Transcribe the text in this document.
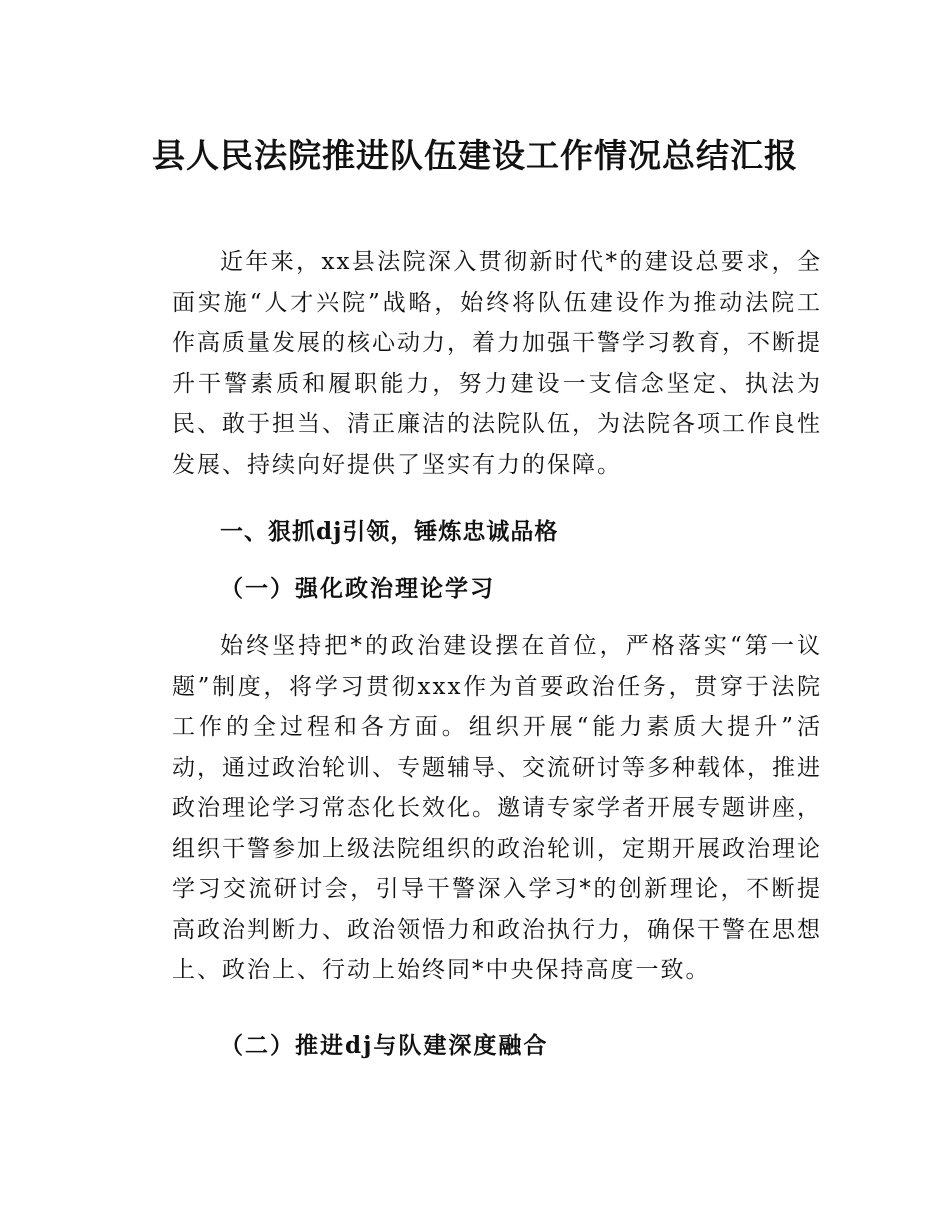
县人民法院推进队伍建设工作情况总结汇报

近年来，xx县法院深入贯彻新时代*的建设总要求，全面实施“人才兴院”战略，始终将队伍建设作为推动法院工作高质量发展的核心动力，着力加强干警学习教育，不断提升干警素质和履职能力，努力建设一支信念坚定、执法为民、敢于担当、清正廉洁的法院队伍，为法院各项工作良性发展、持续向好提供了坚实有力的保障。

一、狠抓dj引领，锤炼忠诚品格
（一）强化政治理论学习

始终坚持把*的政治建设摆在首位，严格落实“第一议题”制度，将学习贯彻xxx作为首要政治任务，贯穿于法院工作的全过程和各方面。组织开展“能力素质大提升”活动，通过政治轮训、专题辅导、交流研讨等多种载体，推进政治理论学习常态化长效化。邀请专家学者开展专题讲座，组织干警参加上级法院组织的政治轮训，定期开展政治理论学习交流研讨会，引导干警深入学习*的创新理论，不断提高政治判断力、政治领悟力和政治执行力，确保干警在思想上、政治上、行动上始终同*中央保持高度一致。

（二）推进dj与队建深度融合
